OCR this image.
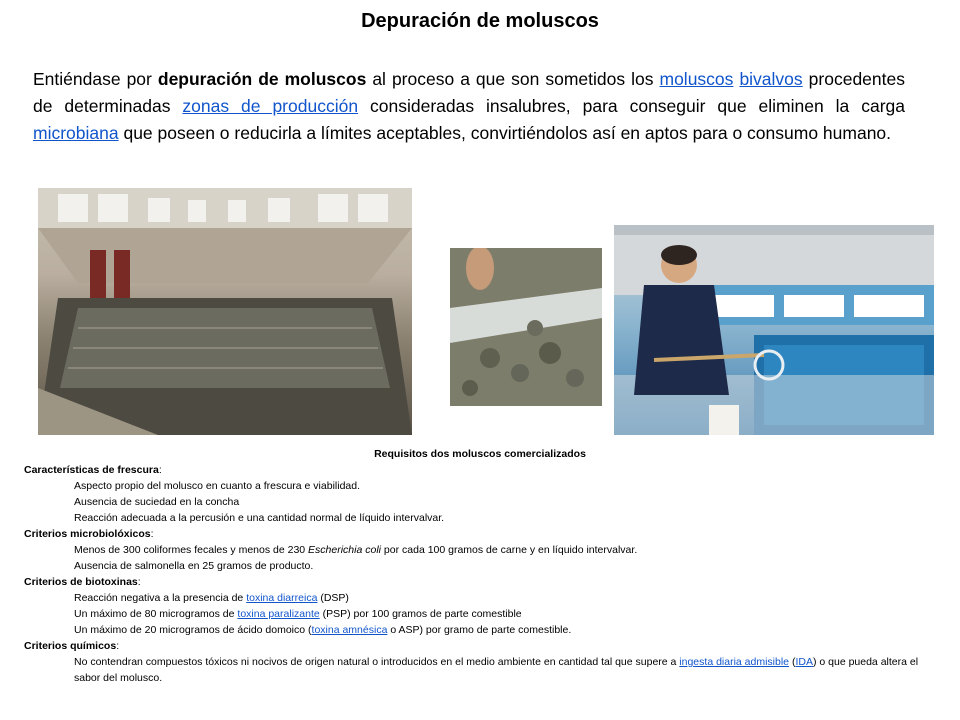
Depuración de moluscos
Entiéndase por depuración de moluscos al proceso a que son sometidos los moluscos bivalvos procedentes de determinadas zonas de producción consideradas insalubres, para conseguir que eliminen la carga microbiana que poseen o reducirla a límites aceptables, convirtiéndolos así en aptos para o consumo humano.
Requisitos dos moluscos comercializados
Características de frescura:
Aspecto propio del molusco en cuanto a frescura e viabilidad.
Ausencia de suciedad en la concha
Reacción adecuada a la percusión e una cantidad normal de líquido intervalvar.
Criterios microbiolóxicos:
Menos de 300 coliformes fecales y menos de 230 Escherichia coli por cada 100 gramos de carne y en líquido intervalvar.
Ausencia de salmonella en 25 gramos de producto.
Criterios de biotoxinas:
Reacción negativa a la presencia de toxina diarreica (DSP)
Un máximo de 80 microgramos de toxina paralizante (PSP) por 100 gramos de parte comestible
Un máximo de 20 microgramos de ácido domoico (toxina amnésica o ASP) por gramo de parte comestible.
Criterios químicos:
No contendran compuestos tóxicos ni nocivos de origen natural o introducidos en el medio ambiente en cantidad tal que supere a ingesta diaria admisible (IDA) o que pueda altera el sabor del molusco.
